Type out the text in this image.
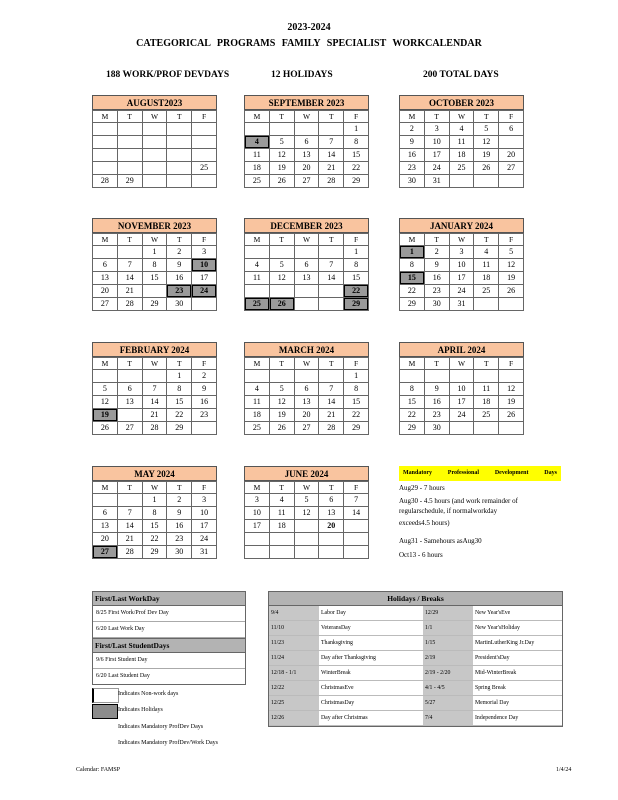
2023-2024
CATEGORICAL PROGRAMS FAMILY SPECIALIST WORKCALENDAR
188 WORK/PROF DEVDAYS	12 HOLIDAYS	200 TOTAL DAYS
AUGUST2023
M	T	W	T	F

				25
28	29			
SEPTEMBER 2023
M	T	W	T	F
				1
4	5	6	7	8
11	12	13	14	15
18	19	20	21	22
25	26	27	28	29
OCTOBER 2023
M	T	W	T	F
2	3	4	5	6
9	10	11	12	
16	17	18	19	20
23	24	25	26	27
30	31			
NOVEMBER 2023
M	T	W	T	F
		1	2	3
6	7	8	9	10
13	14	15	16	17
20	21		23	24
27	28	29	30	
DECEMBER 2023
M	T	W	T	F
				1
4	5	6	7	8
11	12	13	14	15
				22
25	26			29
JANUARY 2024
M	T	W	T	F
1	2	3	4	5
8	9	10	11	12
15	16	17	18	19
22	23	24	25	26
29	30	31		
FEBRUARY 2024
M	T	W	T	F
			1	2
5	6	7	8	9
12	13	14	15	16
19		21	22	23
26	27	28	29	
MARCH 2024
M	T	W	T	F
				1
4	5	6	7	8
11	12	13	14	15
18	19	20	21	22
25	26	27	28	29
APRIL 2024
M	T	W	T	F

8	9	10	11	12
15	16	17	18	19
22	23	24	25	26
29	30			
MAY 2024
M	T	W	T	F
		1	2	3
6	7	8	9	10
13	14	15	16	17
20	21	22	23	24
27	28	29	30	31
JUNE 2024
M	T	W	T	F
3	4	5	6	7
10	11	12	13	14
17	18		20	

Mandatory	Professional	Development	Days
Aug29 - 7 hours
Aug30 - 4.5 hours (and work remainder of
regularschedule, if normalworkday
exceeds4.5 hours)
Aug31 - Samehours asAug30
Oct13 - 6 hours
First/Last WorkDay
8/25 First Work/Prof Dev Day
6/20 Last Work Day
First/Last StudentDays
9/6 First Student Day
6/20 Last Student Day
Holidays / Breaks
9/4	Labor Day	12/29	New Year'sEve
11/10	VeteransDay	1/1	New Year'sHoliday
11/23	Thanksgiving	1/15	MartinLutherKing Jr.Day
11/24	Day after Thanksgiving	2/19	President'sDay
12/18 - 1/1	WinterBreak	2/19 - 2/20	Mid-WinterBreak
12/22	ChristmasEve	4/1 - 4/5	Spring Break
12/25	ChristmasDay	5/27	Memorial Day
12/26	Day after Christmas	7/4	Independence Day
Indicates Non-work days
Indicates Holidays
Indicates Mandatory ProfDev Days
Indicates Mandatory ProfDev/Work Days
Calendar: FAMSP	1/4/24
